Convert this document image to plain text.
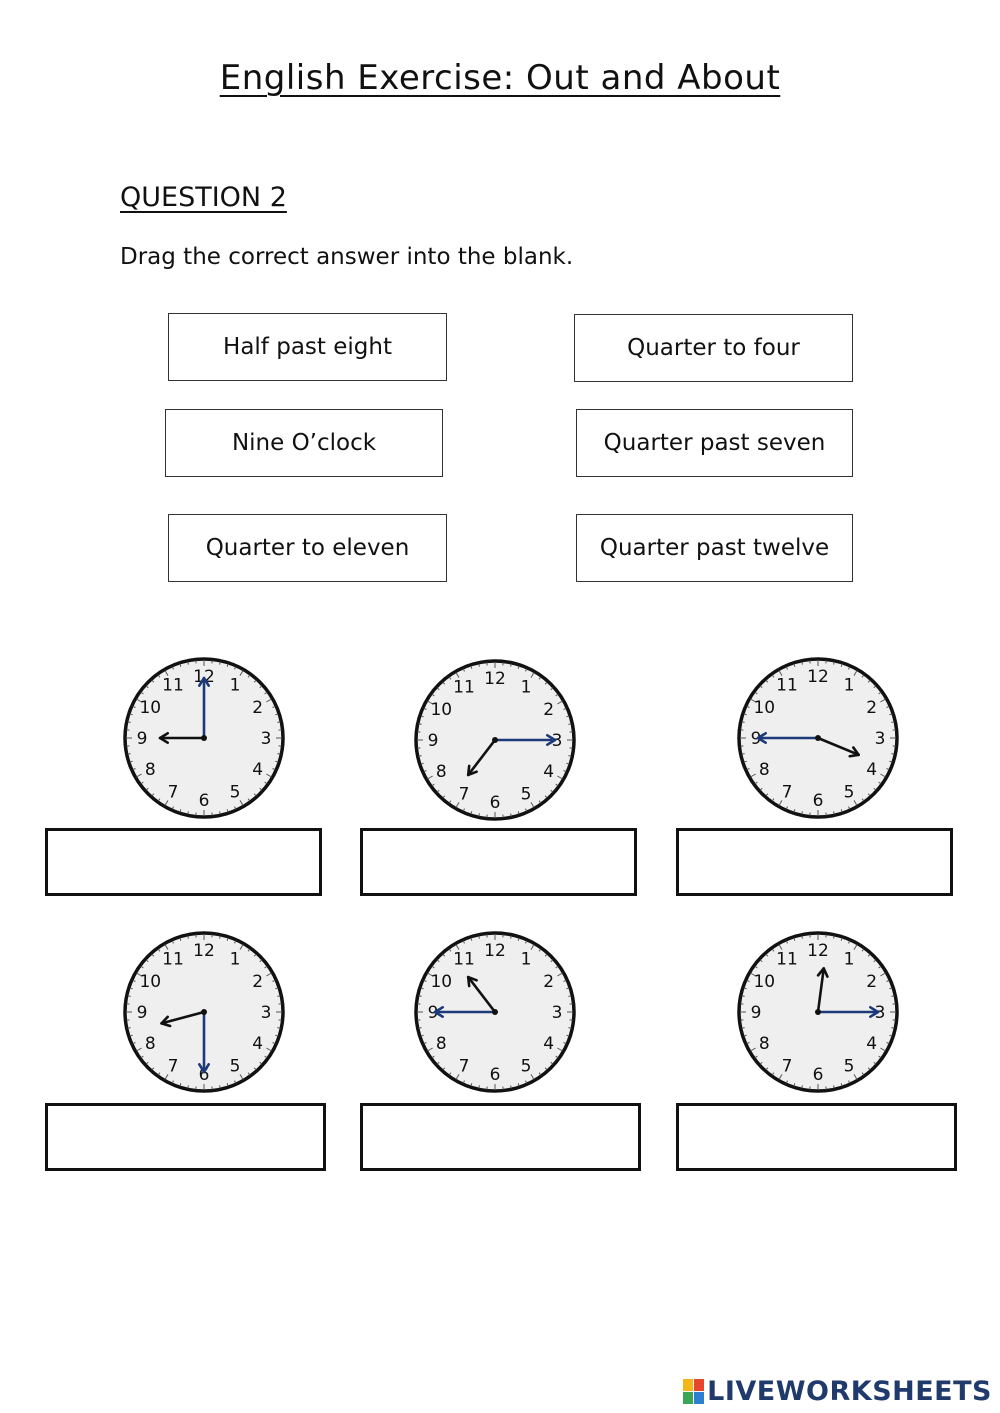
English Exercise: Out and About
QUESTION 2
Drag the correct answer into the blank.
Half past eight	Quarter to four
Nine O’clock	Quarter past seven
Quarter to eleven	Quarter past twelve
12 1
2
3
4
5
6
7
8
9
10
11	12 1
2
3
4
5
6
7
8
9
10
11
12 1
2
3
4
5
6
7
8
9
10
11
12 1
2
3
4
5
6
7
8
9
10
11	12 1
2
3
4
5
6
7
8
9
10
11	12 1
2
3
4
5
6
7
8
9
10
11
LIVEWORKSHEETS
